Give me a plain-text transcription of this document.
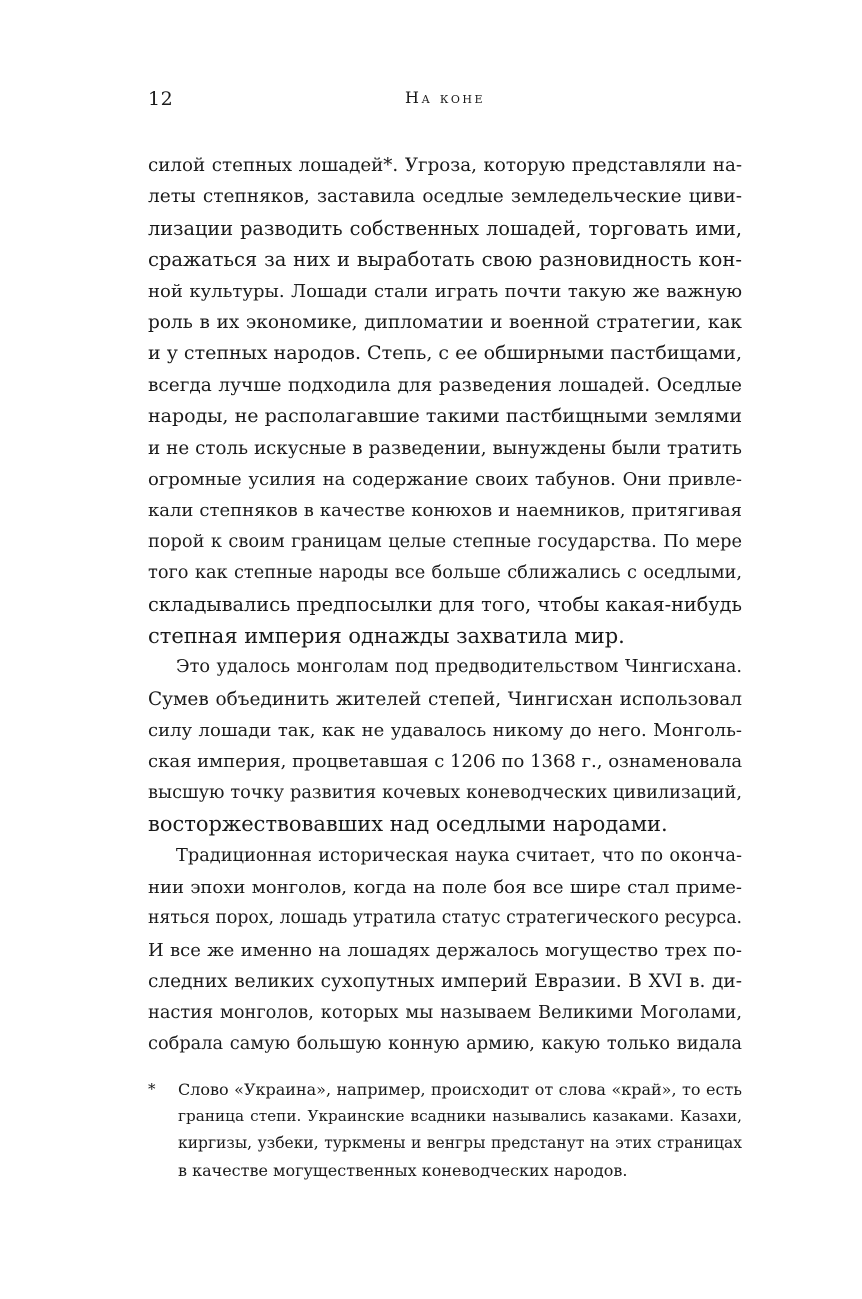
12	На коне
силой степных лошадей*. Угроза, которую представляли на-
леты степняков, заставила оседлые земледельческие циви-
лизации разводить собственных лошадей, торговать ими,
сражаться за них и выработать свою разновидность кон-
ной культуры. Лошади стали играть почти такую же важную
роль в их экономике, дипломатии и военной стратегии, как
и у степных народов. Степь, с ее обширными пастбищами,
всегда лучше подходила для разведения лошадей. Оседлые
народы, не располагавшие такими пастбищными землями
и не столь искусные в разведении, вынуждены были тратить
огромные усилия на содержание своих табунов. Они привле-
кали степняков в качестве конюхов и наемников, притягивая
порой к своим границам целые степные государства. По мере
того как степные народы все больше сближались с оседлыми,
складывались предпосылки для того, чтобы какая-нибудь
степная империя однажды захватила мир.
Это удалось монголам под предводительством Чингисхана.
Сумев объединить жителей степей, Чингисхан использовал
силу лошади так, как не удавалось никому до него. Монголь-
ская империя, процветавшая с 1206 по 1368 г., ознаменовала
высшую точку развития кочевых коневодческих цивилизаций,
восторжествовавших над оседлыми народами.
Традиционная историческая наука считает, что по оконча-
нии эпохи монголов, когда на поле боя все шире стал приме-
няться порох, лошадь утратила статус стратегического ресурса.
И все же именно на лошадях держалось могущество трех по-
следних великих сухопутных империй Евразии. В XVI в. ди-
настия монголов, которых мы называем Великими Моголами,
собрала самую большую конную армию, какую только видала
* Слово «Украина», например, происходит от слова «край», то есть
граница степи. Украинские всадники назывались казаками. Казахи,
киргизы, узбеки, туркмены и венгры предстанут на этих страницах
в качестве могущественных коневодческих народов.
